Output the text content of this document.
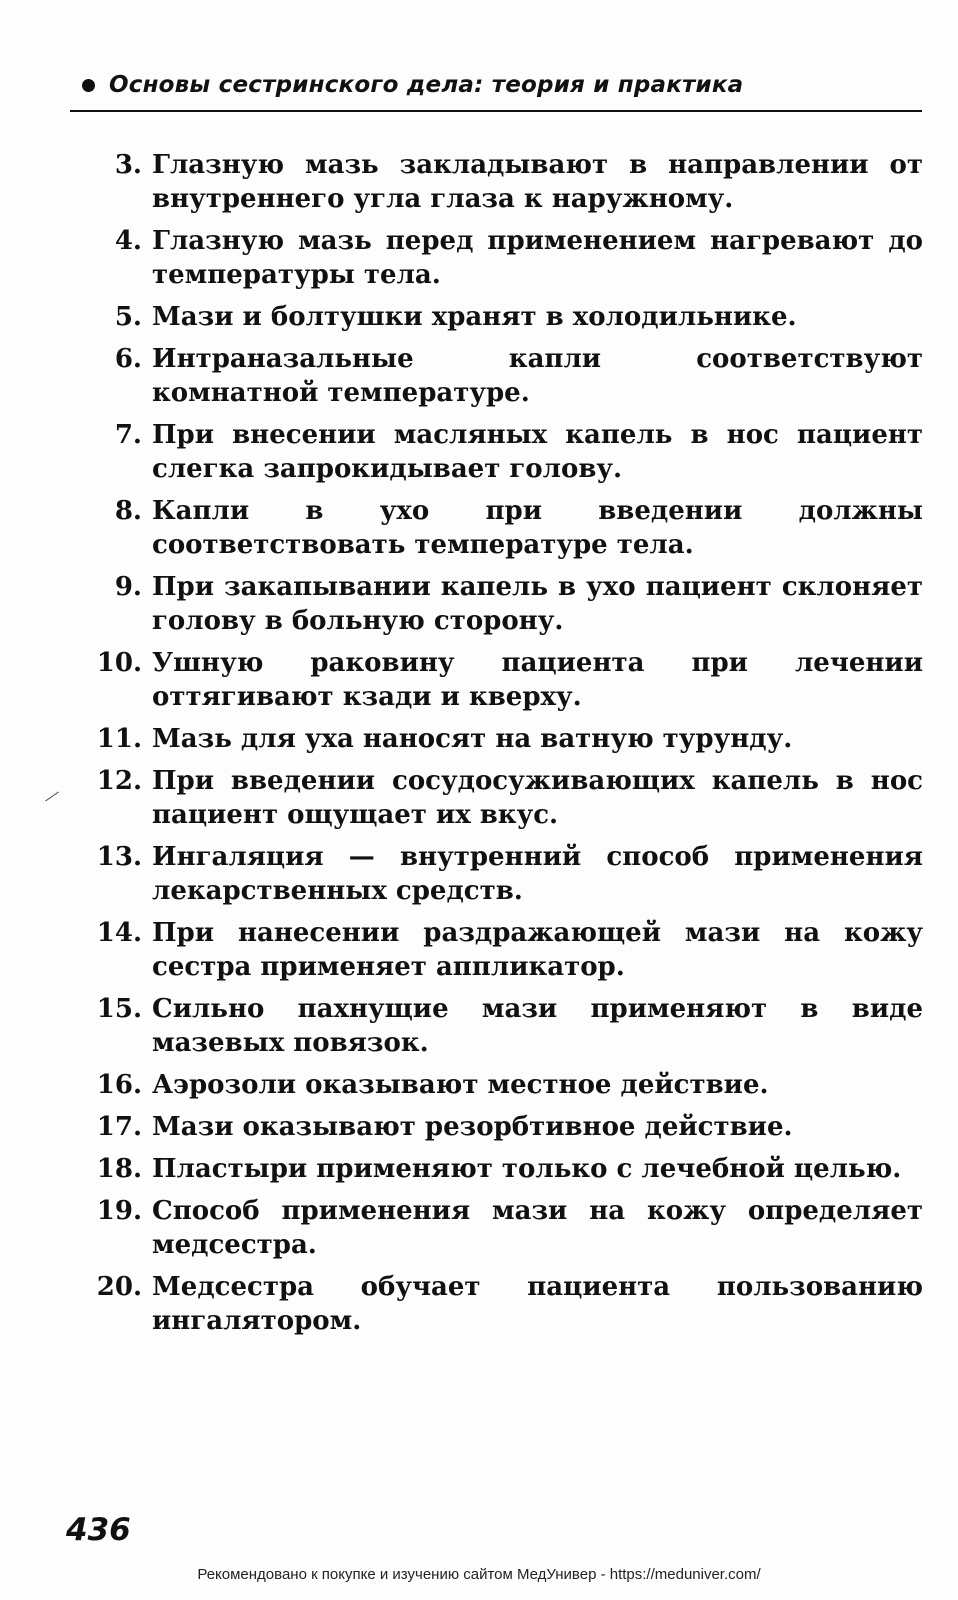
Основы сестринского дела: теория и практика
3. Глазную мазь закладывают в направлении от внутреннего угла глаза к наружному.
4. Глазную мазь перед применением нагревают до температуры тела.
5. Мази и болтушки хранят в холодильнике.
6. Интраназальные капли соответствуют комнатной температуре.
7. При внесении масляных капель в нос пациент слегка запрокидывает голову.
8. Капли в ухо при введении должны соответствовать температуре тела.
9. При закапывании капель в ухо пациент склоняет голову в больную сторону.
10. Ушную раковину пациента при лечении оттягивают кзади и кверху.
11. Мазь для уха наносят на ватную турунду.
12. При введении сосудосуживающих капель в нос пациент ощущает их вкус.
13. Ингаляция — внутренний способ применения лекарственных средств.
14. При нанесении раздражающей мази на кожу сестра применяет аппликатор.
15. Сильно пахнущие мази применяют в виде мазевых повязок.
16. Аэрозоли оказывают местное действие.
17. Мази оказывают резорбтивное действие.
18. Пластыри применяют только с лечебной целью.
19. Способ применения мази на кожу определяет медсестра.
20. Медсестра обучает пациента пользованию ингалятором.
436
Рекомендовано к покупке и изучению сайтом МедУнивер - https://meduniver.com/
